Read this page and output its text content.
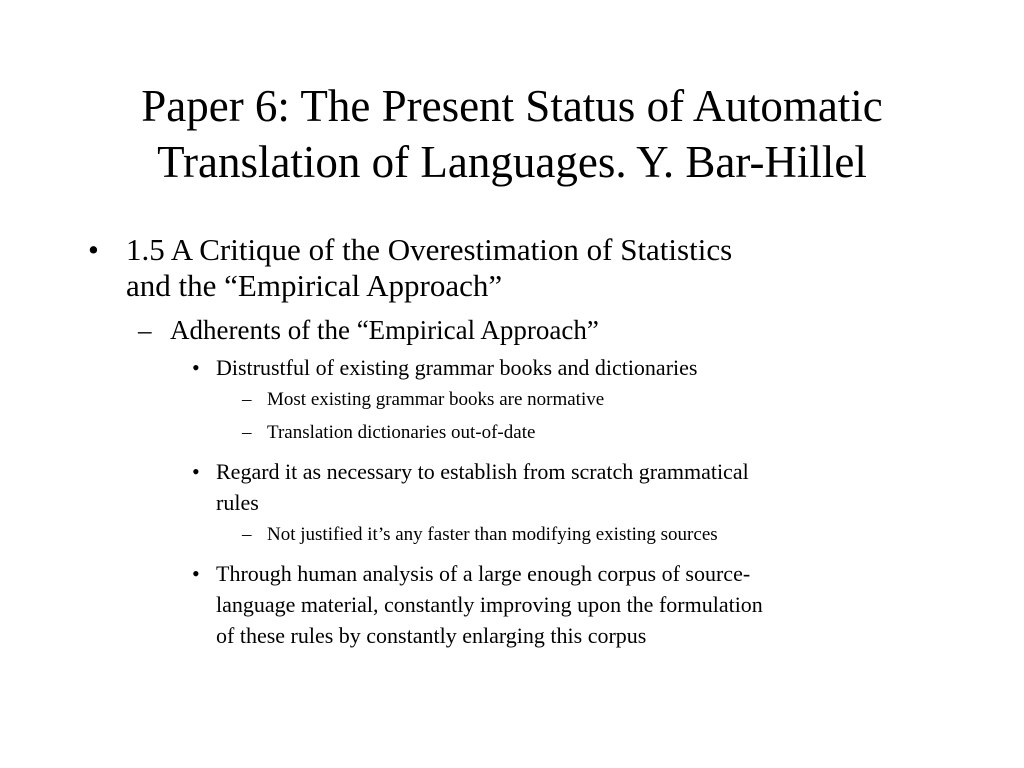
Paper 6: The Present Status of Automatic
Translation of Languages. Y. Bar-Hillel
• 1.5 A Critique of the Overestimation of Statistics
and the “Empirical Approach”
– Adherents of the “Empirical Approach”
• Distrustful of existing grammar books and dictionaries
– Most existing grammar books are normative
– Translation dictionaries out-of-date
• Regard it as necessary to establish from scratch grammatical
rules
– Not justified it’s any faster than modifying existing sources
• Through human analysis of a large enough corpus of source-
language material, constantly improving upon the formulation
of these rules by constantly enlarging this corpus
